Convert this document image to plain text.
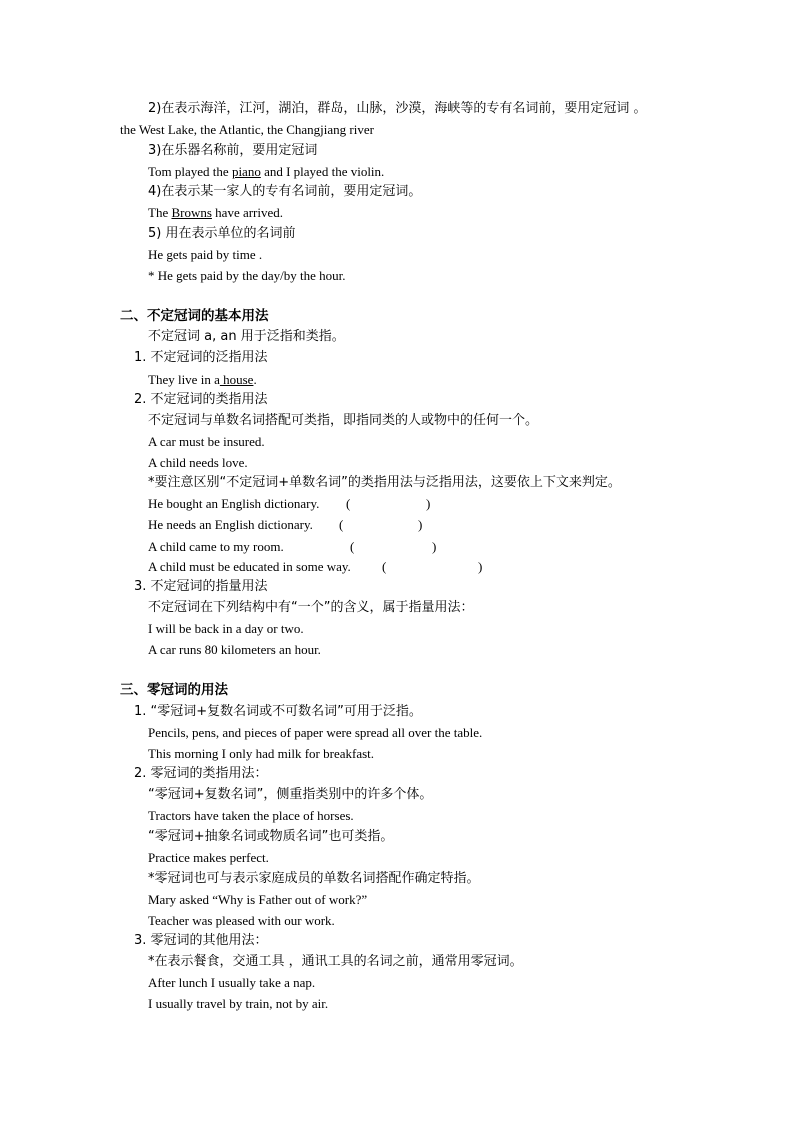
2)在表示海洋，江河，湖泊，群岛，山脉，沙漠，海峡等的专有名词前，要用定冠词 。
the West Lake, the Atlantic, the Changjiang river
3)在乐器名称前，要用定冠词
Tom played the piano and I played the violin.
4)在表示某一家人的专有名词前，要用定冠词。
The Browns have arrived.
5) 用在表示单位的名词前
He gets paid by time .
* He gets paid by the day/by the hour.
二、不定冠词的基本用法
不定冠词 a, an 用于泛指和类指。
1. 不定冠词的泛指用法
They live in a house.
2. 不定冠词的类指用法
不定冠词与单数名词搭配可类指，即指同类的人或物中的任何一个。
A car must be insured.
A child needs love.
*要注意区别“不定冠词+单数名词”的类指用法与泛指用法，这要依上下文来判定。
He bought an English dictionary. (	)
He needs an English dictionary. (	)
A child came to my room.	(	)
A child must be educated in some way. (	)
3. 不定冠词的指量用法
不定冠词在下列结构中有“一个”的含义，属于指量用法：
I will be back in a day or two.
A car runs 80 kilometers an hour.
三、零冠词的用法
1. “零冠词+复数名词或不可数名词”可用于泛指。
Pencils, pens, and pieces of paper were spread all over the table.
This morning I only had milk for breakfast.
2. 零冠词的类指用法：
“零冠词+复数名词”，侧重指类别中的许多个体。
Tractors have taken the place of horses.
“零冠词+抽象名词或物质名词”也可类指。
Practice makes perfect.
*零冠词也可与表示家庭成员的单数名词搭配作确定特指。
Mary asked “Why is Father out of work?”
Teacher was pleased with our work.
3. 零冠词的其他用法：
*在表示餐食，交通工具 ，通讯工具的名词之前，通常用零冠词。
After lunch I usually take a nap.
I usually travel by train, not by air.
